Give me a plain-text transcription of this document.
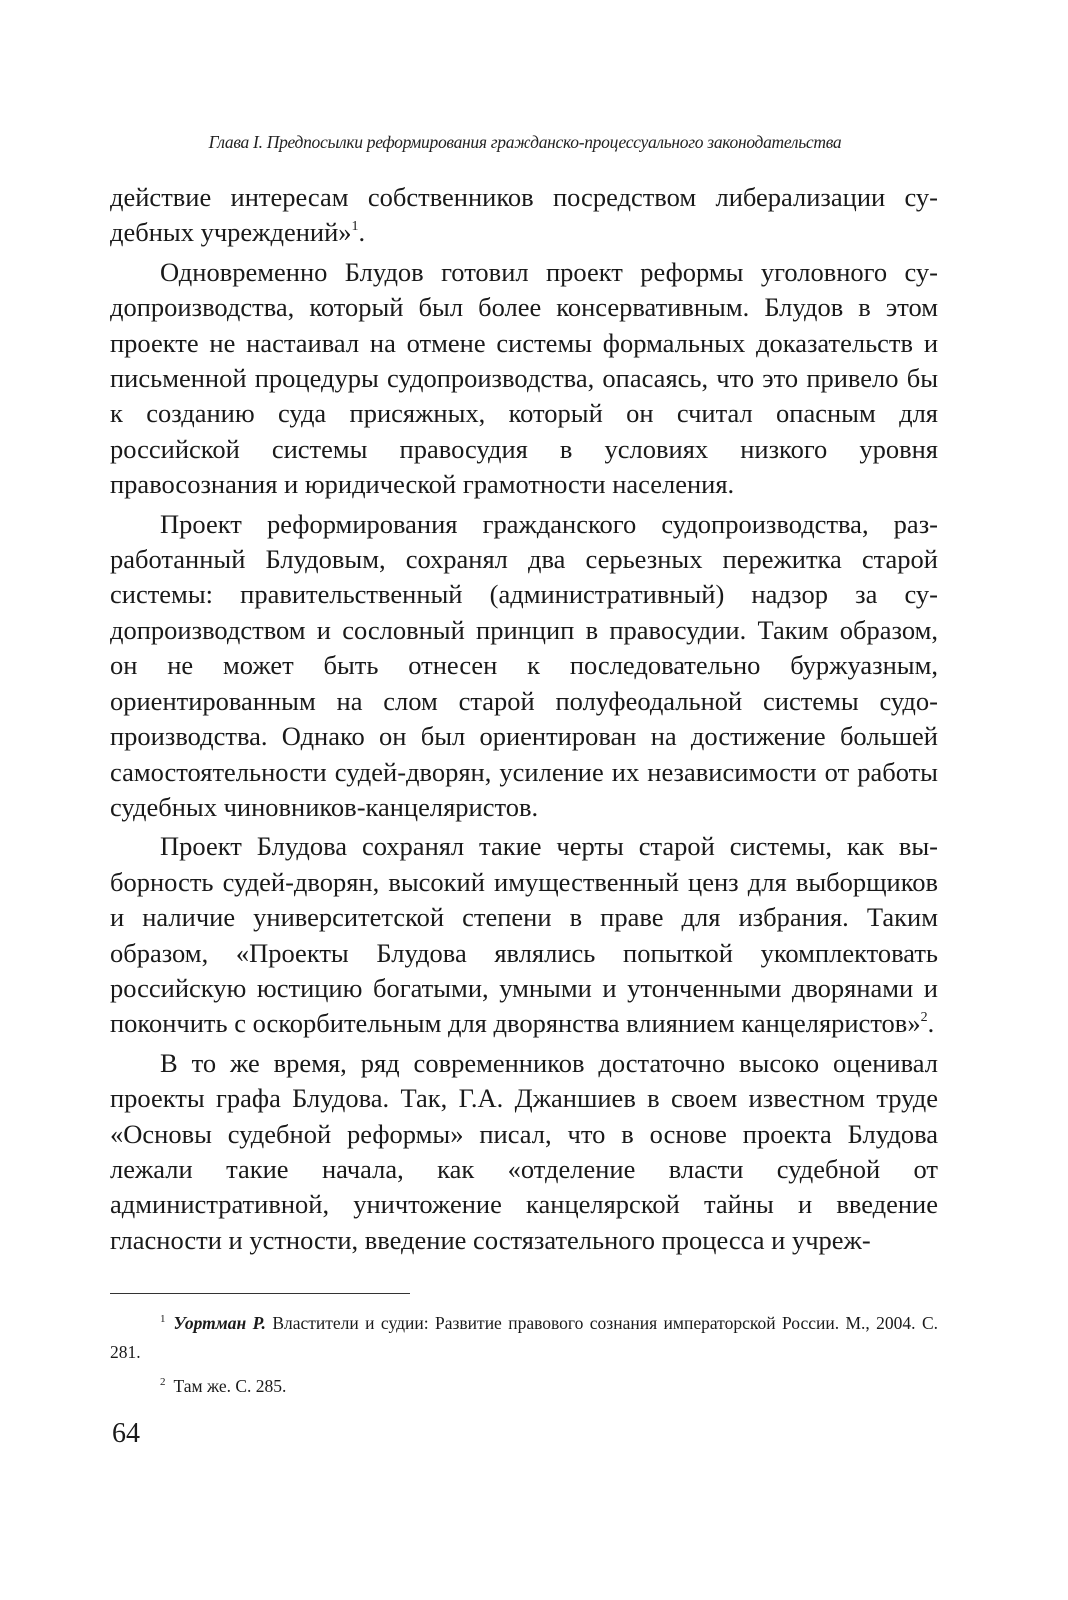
Глава I. Предпосылки реформирования гражданско-процессуального законодательства

действие интересам собственников посредством либерализации судебных учреждений»$^1$.

Одновременно Блудов готовил проект реформы уголовного судопроизводства, который был более консервативным. Блудов в этом проекте не настаивал на отмене системы формальных доказательств и письменной процедуры судопроизводства, опасаясь, что это привело бы к созданию суда присяжных, который он считал опасным для российской системы правосудия в условиях низкого уровня правосознания и юридической грамотности населения.

Проект реформирования гражданского судопроизводства, разработанный Блудовым, сохранял два серьезных пережитка старой системы: правительственный (административный) надзор за судопроизводством и сословный принцип в правосудии. Таким образом, он не может быть отнесен к последовательно буржуазным, ориентированным на слом старой полуфеодальной системы судопроизводства. Однако он был ориентирован на достижение большей самостоятельности судей-дворян, усиление их независимости от работы судебных чиновников-канцеляристов.

Проект Блудова сохранял такие черты старой системы, как выборность судей-дворян, высокий имущественный ценз для выборщиков и наличие университетской степени в праве для избрания. Таким образом, «Проекты Блудова являлись попыткой укомплектовать российскую юстицию богатыми, умными и утонченными дворянами и покончить с оскорбительным для дворянства влиянием канцеляристов»$^2$.

В то же время, ряд современников достаточно высоко оценивал проекты графа Блудова. Так, Г.А. Джаншиев в своем известном труде «Основы судебной реформы» писал, что в основе проекта Блудова лежали такие начала, как «отделение власти судебной от административной, уничтожение канцелярской тайны и введение гласности и устности, введение состязательного процесса и учреж-

$^1$ Уортман Р. Властители и судии: Развитие правового сознания императорской России. М., 2004. С. 281.

$^2$ Там же. С. 285.

64
